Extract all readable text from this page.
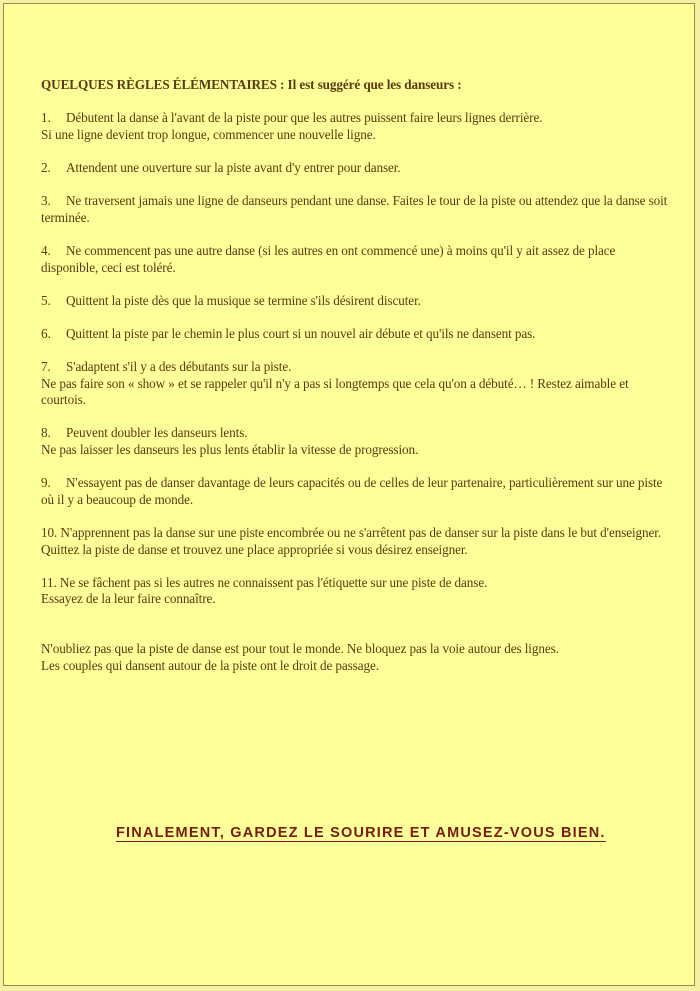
QUELQUES RÈGLES ÉLÉMENTAIRES : Il est suggéré que les danseurs :
1. Débutent la danse à l'avant de la piste pour que les autres puissent faire leurs lignes derrière.
Si une ligne devient trop longue, commencer une nouvelle ligne.
2. Attendent une ouverture sur la piste avant d'y entrer pour danser.
3. Ne traversent jamais une ligne de danseurs pendant une danse. Faites le tour de la piste ou attendez que la danse soit terminée.
4. Ne commencent pas une autre danse (si les autres en ont commencé une) à moins qu'il y ait assez de place disponible, ceci est toléré.
5. Quittent la piste dès que la musique se termine s'ils désirent discuter.
6. Quittent la piste par le chemin le plus court si un nouvel air débute et qu'ils ne dansent pas.
7. S'adaptent s'il y a des débutants sur la piste.
Ne pas faire son « show » et se rappeler qu'il n'y a pas si longtemps que cela qu'on a débuté… ! Restez aimable et courtois.
8. Peuvent doubler les danseurs lents.
Ne pas laisser les danseurs les plus lents établir la vitesse de progression.
9. N'essayent pas de danser davantage de leurs capacités ou de celles de leur partenaire, particulièrement sur une piste où il y a beaucoup de monde.
10. N'apprennent pas la danse sur une piste encombrée ou ne s'arrêtent pas de danser sur la piste dans le but d'enseigner.
Quittez la piste de danse et trouvez une place appropriée si vous désirez enseigner.
11. Ne se fâchent pas si les autres ne connaissent pas l'étiquette sur une piste de danse.
Essayez de la leur faire connaître.
N'oubliez pas que la piste de danse est pour tout le monde. Ne bloquez pas la voie autour des lignes.
Les couples qui dansent autour de la piste ont le droit de passage.
FINALEMENT, GARDEZ LE SOURIRE ET AMUSEZ-VOUS BIEN.
